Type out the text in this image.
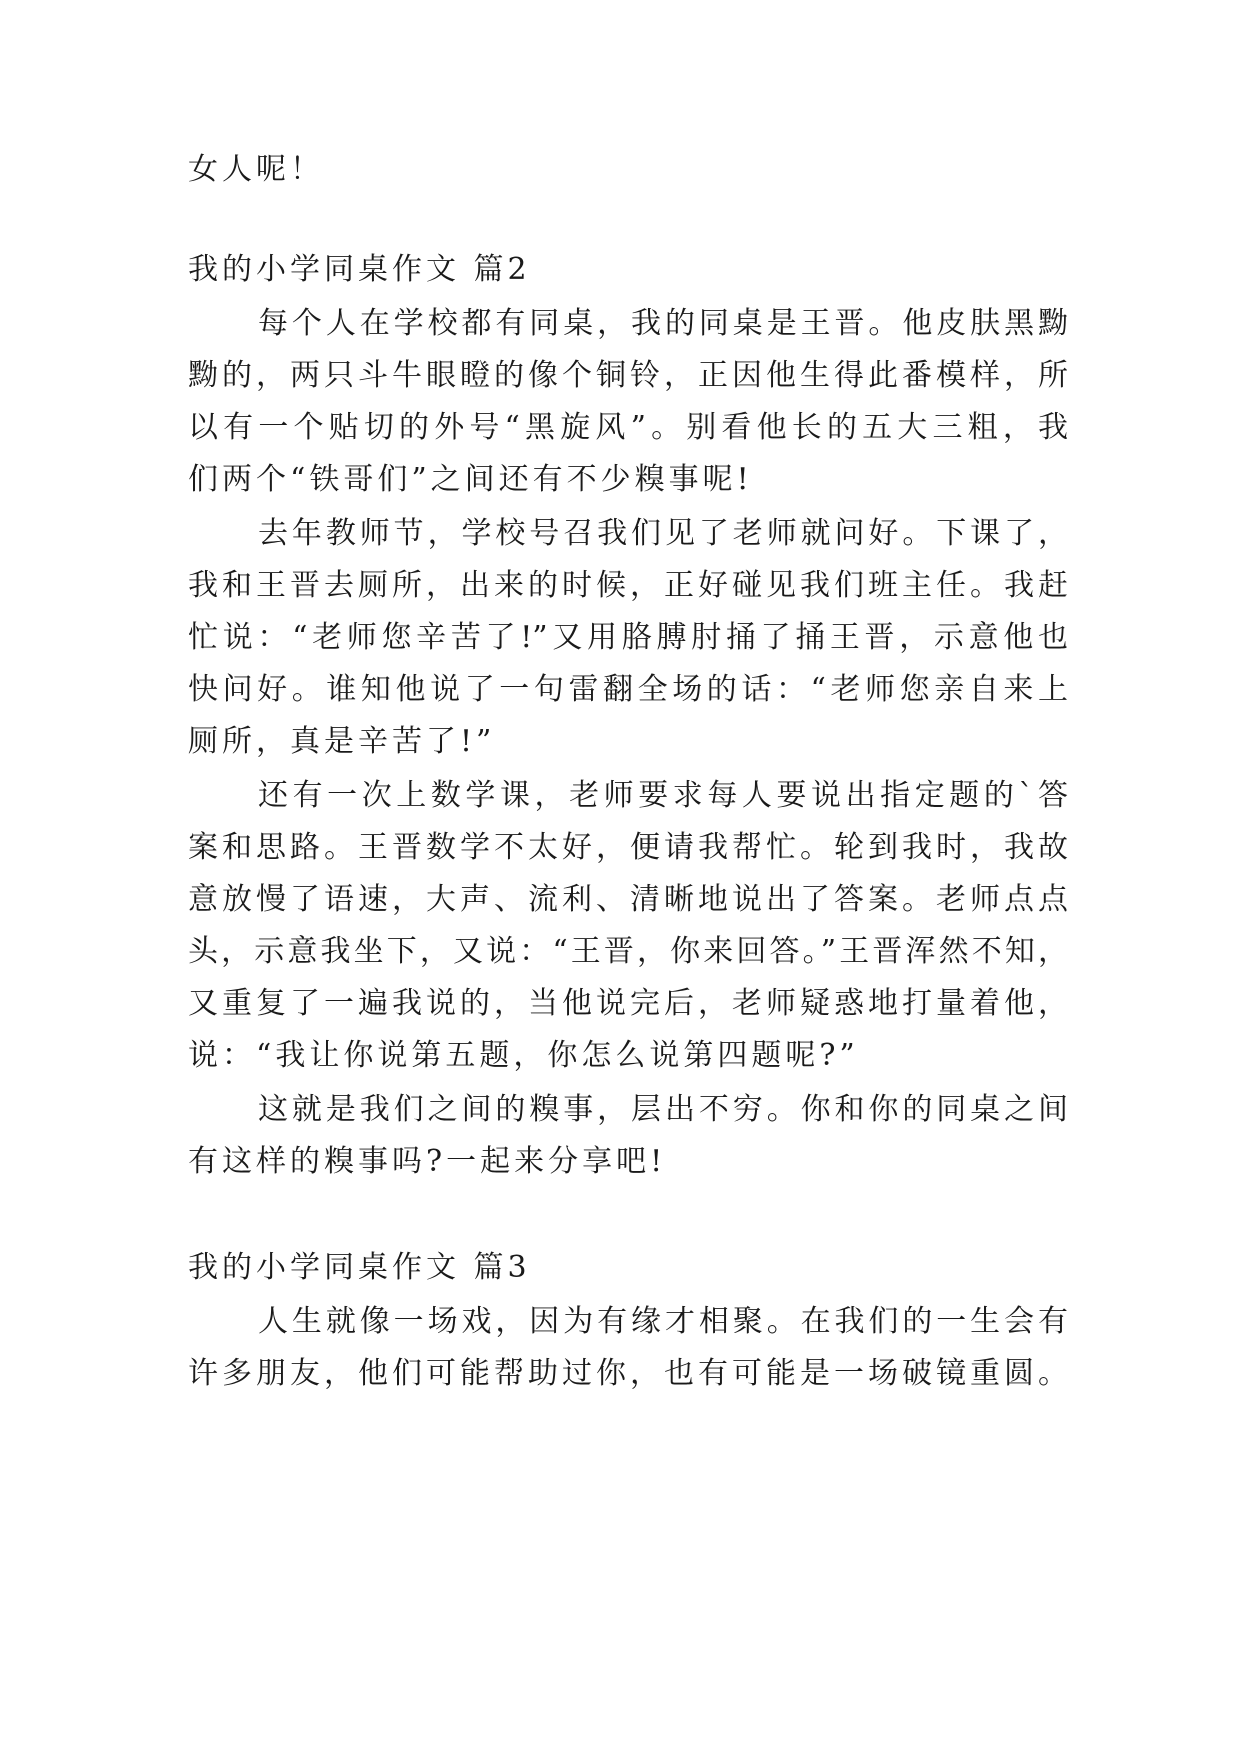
女人呢！
我的小学同桌作文 篇2
每个人在学校都有同桌，我的同桌是王晋。他皮肤黑黝
黝的，两只斗牛眼瞪的像个铜铃，正因他生得此番模样，所
以有一个贴切的外号“黑旋风”。别看他长的五大三粗，我
们两个“铁哥们”之间还有不少糗事呢!
去年教师节，学校号召我们见了老师就问好。下课了，
我和王晋去厕所，出来的时候，正好碰见我们班主任。我赶
忙说：“老师您辛苦了!”又用胳膊肘捅了捅王晋，示意他也
快问好。谁知他说了一句雷翻全场的话：“老师您亲自来上
厕所，真是辛苦了!”
还有一次上数学课，老师要求每人要说出指定题的`答
案和思路。王晋数学不太好，便请我帮忙。轮到我时，我故
意放慢了语速，大声、流利、清晰地说出了答案。老师点点
头，示意我坐下，又说：“王晋，你来回答。”王晋浑然不知，
又重复了一遍我说的，当他说完后，老师疑惑地打量着他，
说：“我让你说第五题，你怎么说第四题呢?”
这就是我们之间的糗事，层出不穷。你和你的同桌之间
有这样的糗事吗?一起来分享吧!
我的小学同桌作文 篇3
人生就像一场戏，因为有缘才相聚。在我们的一生会有
许多朋友，他们可能帮助过你，也有可能是一场破镜重圆。
